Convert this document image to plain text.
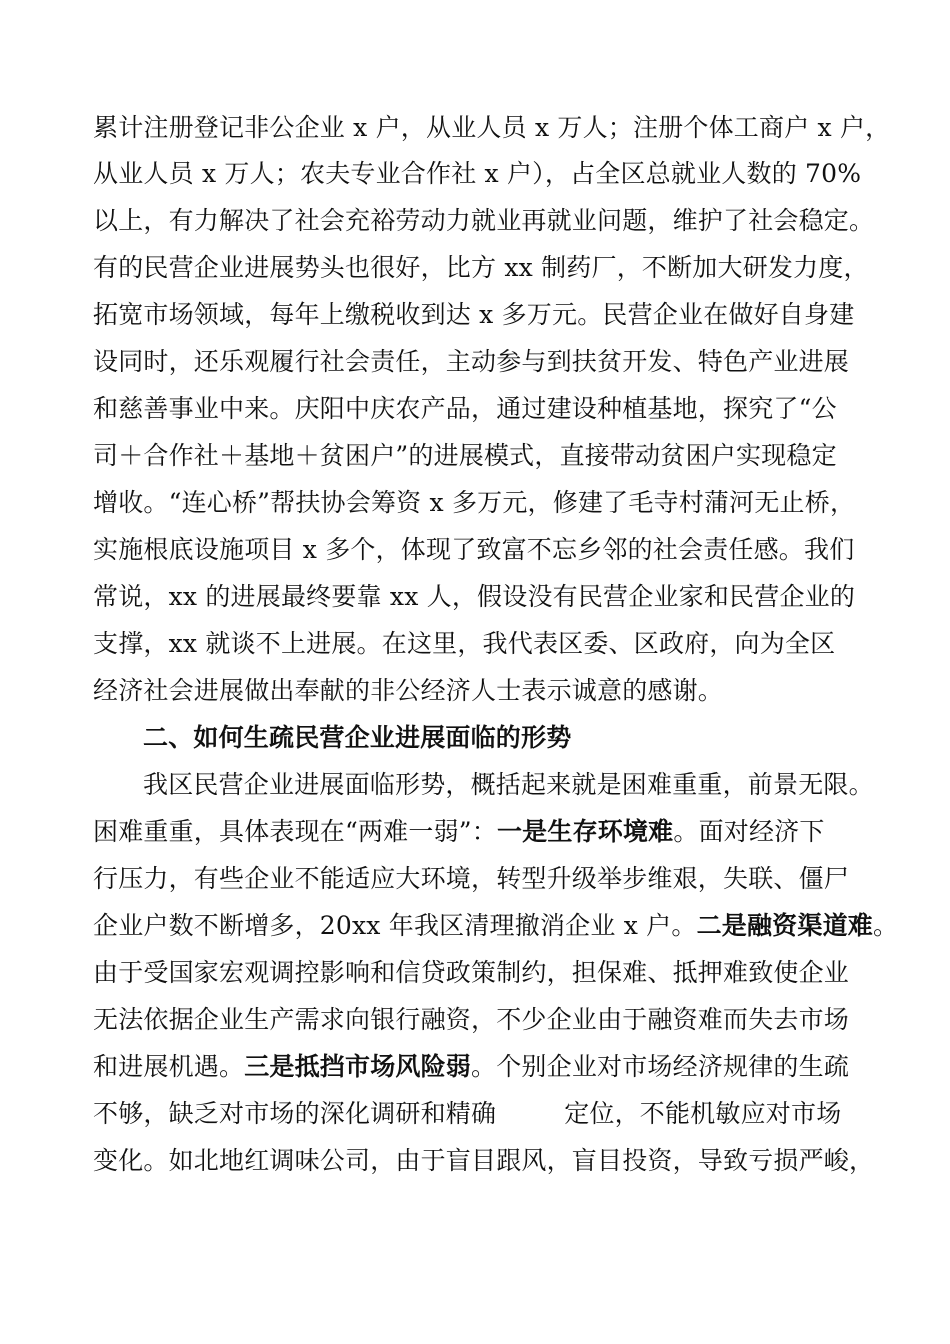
累计注册登记非公企业 x 户，从业人员 x 万人；注册个体工商户 x 户，
从业人员 x 万人；农夫专业合作社 x 户），占全区总就业人数的 70%
以上，有力解决了社会充裕劳动力就业再就业问题，维护了社会稳定。
有的民营企业进展势头也很好，比方 xx 制药厂，不断加大研发力度，
拓宽市场领域，每年上缴税收到达 x 多万元。民营企业在做好自身建
设同时，还乐观履行社会责任，主动参与到扶贫开发、特色产业进展
和慈善事业中来。庆阳中庆农产品，通过建设种植基地，探究了“公
司＋合作社＋基地＋贫困户”的进展模式，直接带动贫困户实现稳定
增收。“连心桥”帮扶协会筹资 x 多万元，修建了毛寺村蒲河无止桥，
实施根底设施项目 x 多个，体现了致富不忘乡邻的社会责任感。我们
常说，xx 的进展最终要靠 xx 人，假设没有民营企业家和民营企业的
支撑，xx 就谈不上进展。在这里，我代表区委、区政府，向为全区
经济社会进展做出奉献的非公经济人士表示诚意的感谢。
二、如何生疏民营企业进展面临的形势
我区民营企业进展面临形势，概括起来就是困难重重，前景无限。
困难重重，具体表现在“两难一弱”：一是生存环境难。面对经济下
行压力，有些企业不能适应大环境，转型升级举步维艰，失联、僵尸
企业户数不断增多，20xx 年我区清理撤消企业 x 户。二是融资渠道难。
由于受国家宏观调控影响和信贷政策制约，担保难、抵押难致使企业
无法依据企业生产需求向银行融资，不少企业由于融资难而失去市场
和进展机遇。三是抵挡市场风险弱。个别企业对市场经济规律的生疏
不够，缺乏对市场的深化调研和精确	定位，不能机敏应对市场
变化。如北地红调味公司，由于盲目跟风，盲目投资，导致亏损严峻，
